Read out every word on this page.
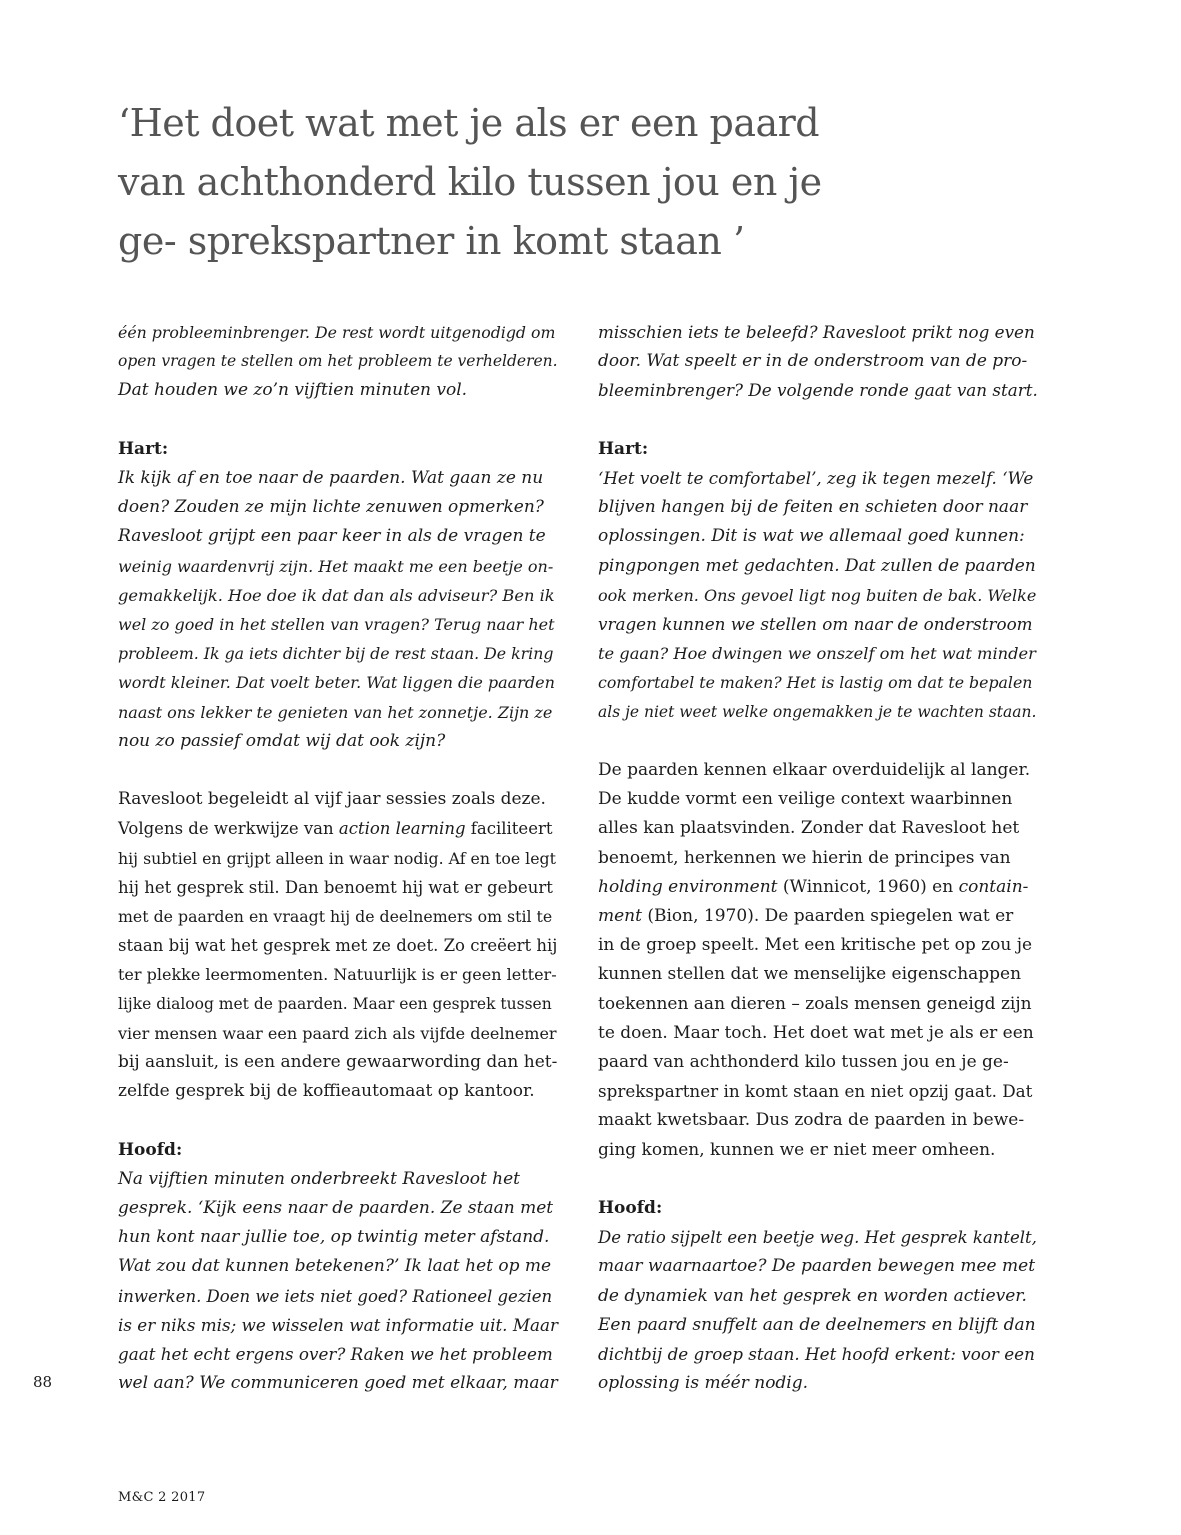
‘Het doet wat met je als er een paard
van achthonderd kilo tussen jou en je
ge- sprekspartner in komt staan ’

één probleeminbrenger. De rest wordt uitgenodigd om
open vragen te stellen om het probleem te verhelderen.
Dat houden we zo’n vijftien minuten vol.

Hart:
Ik kijk af en toe naar de paarden. Wat gaan ze nu
doen? Zouden ze mijn lichte zenuwen opmerken?
Ravesloot grijpt een paar keer in als de vragen te
weinig waardenvrij zijn. Het maakt me een beetje on-
gemakkelijk. Hoe doe ik dat dan als adviseur? Ben ik
wel zo goed in het stellen van vragen? Terug naar het
probleem. Ik ga iets dichter bij de rest staan. De kring
wordt kleiner. Dat voelt beter. Wat liggen die paarden
naast ons lekker te genieten van het zonnetje. Zijn ze
nou zo passief omdat wij dat ook zijn?

Ravesloot begeleidt al vijf jaar sessies zoals deze.
Volgens de werkwijze van action learning faciliteert
hij subtiel en grijpt alleen in waar nodig. Af en toe legt
hij het gesprek stil. Dan benoemt hij wat er gebeurt
met de paarden en vraagt hij de deelnemers om stil te
staan bij wat het gesprek met ze doet. Zo creëert hij
ter plekke leermomenten. Natuurlijk is er geen letter-
lijke dialoog met de paarden. Maar een gesprek tussen
vier mensen waar een paard zich als vijfde deelnemer
bij aansluit, is een andere gewaarwording dan het-
zelfde gesprek bij de koffieautomaat op kantoor.

Hoofd:
Na vijftien minuten onderbreekt Ravesloot het
gesprek. ‘Kijk eens naar de paarden. Ze staan met
hun kont naar jullie toe, op twintig meter afstand.
Wat zou dat kunnen betekenen?’ Ik laat het op me
inwerken. Doen we iets niet goed? Rationeel gezien
is er niks mis; we wisselen wat informatie uit. Maar
gaat het echt ergens over? Raken we het probleem
wel aan? We communiceren goed met elkaar, maar

misschien iets te beleefd? Ravesloot prikt nog even
door. Wat speelt er in de onderstroom van de pro-
bleeminbrenger? De volgende ronde gaat van start.

Hart:
‘Het voelt te comfortabel’, zeg ik tegen mezelf. ‘We
blijven hangen bij de feiten en schieten door naar
oplossingen. Dit is wat we allemaal goed kunnen:
pingpongen met gedachten. Dat zullen de paarden
ook merken. Ons gevoel ligt nog buiten de bak. Welke
vragen kunnen we stellen om naar de onderstroom
te gaan? Hoe dwingen we onszelf om het wat minder
comfortabel te maken? Het is lastig om dat te bepalen
als je niet weet welke ongemakken je te wachten staan.

De paarden kennen elkaar overduidelijk al langer.
De kudde vormt een veilige context waarbinnen
alles kan plaatsvinden. Zonder dat Ravesloot het
benoemt, herkennen we hierin de principes van
holding environment (Winnicot, 1960) en contain-
ment (Bion, 1970). De paarden spiegelen wat er
in de groep speelt. Met een kritische pet op zou je
kunnen stellen dat we menselijke eigenschappen
toekennen aan dieren – zoals mensen geneigd zijn
te doen. Maar toch. Het doet wat met je als er een
paard van achthonderd kilo tussen jou en je ge-
sprekspartner in komt staan en niet opzij gaat. Dat
maakt kwetsbaar. Dus zodra de paarden in bewe-
ging komen, kunnen we er niet meer omheen.

Hoofd:
De ratio sijpelt een beetje weg. Het gesprek kantelt,
maar waarnaartoe? De paarden bewegen mee met
de dynamiek van het gesprek en worden actiever.
Een paard snuffelt aan de deelnemers en blijft dan
dichtbij de groep staan. Het hoofd erkent: voor een
oplossing is méér nodig.

88
M&C 2 2017
